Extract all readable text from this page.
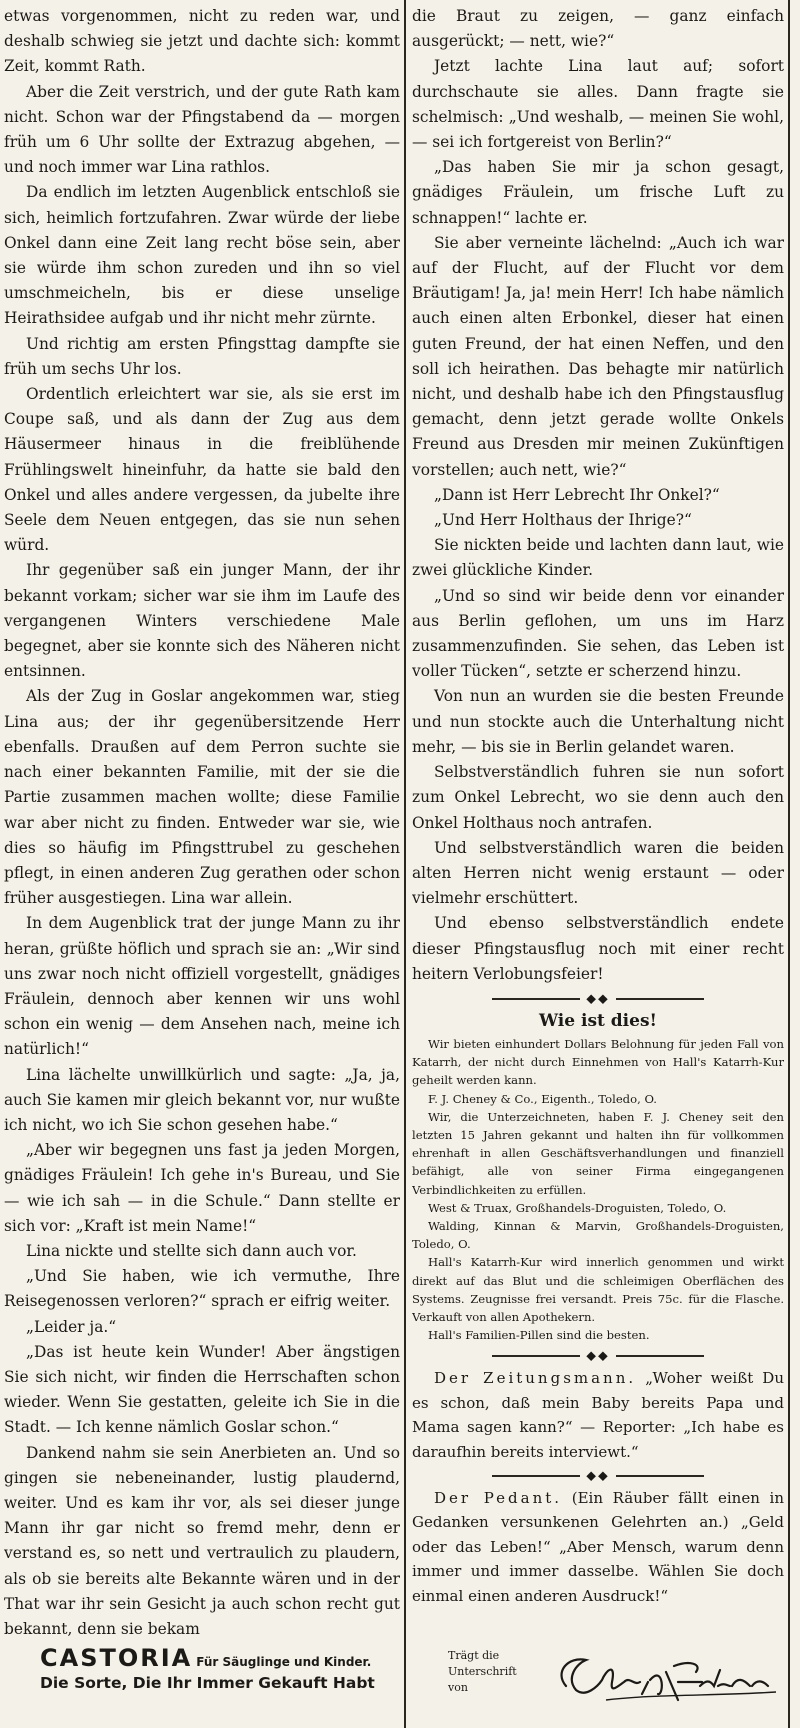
etwas vorgenommen, nicht zu reden war, und deshalb schwieg sie jetzt und dachte sich: kommt Zeit, kommt Rath.

Aber die Zeit verstrich, und der gute Rath kam nicht. Schon war der Pfingstabend da — morgen früh um 6 Uhr sollte der Extrazug abgehen, — und noch immer war Lina rathlos.

Da endlich im letzten Augenblick entschloß sie sich, heimlich fortzufahren. Zwar würde der liebe Onkel dann eine Zeit lang recht böse sein, aber sie würde ihm schon zureden und ihn so viel umschmeicheln, bis er diese unselige Heirathsidee aufgab und ihr nicht mehr zürnte.

Und richtig am ersten Pfingsttag dampfte sie früh um sechs Uhr los.

Ordentlich erleichtert war sie, als sie erst im Coupe saß, und als dann der Zug aus dem Häusermeer hinaus in die freiblühende Frühlingswelt hineinfuhr, da hatte sie bald den Onkel und alles andere vergessen, da jubelte ihre Seele dem Neuen entgegen, das sie nun sehen würd.

Ihr gegenüber saß ein junger Mann, der ihr bekannt vorkam; sicher war sie ihm im Laufe des vergangenen Winters verschiedene Male begegnet, aber sie konnte sich des Näheren nicht entsinnen.

Als der Zug in Goslar angekommen war, stieg Lina aus; der ihr gegenübersitzende Herr ebenfalls. Draußen auf dem Perron suchte sie nach einer bekannten Familie, mit der sie die Partie zusammen machen wollte; diese Familie war aber nicht zu finden. Entweder war sie, wie dies so häufig im Pfingsttrubel zu geschehen pflegt, in einen anderen Zug gerathen oder schon früher ausgestiegen. Lina war allein.

In dem Augenblick trat der junge Mann zu ihr heran, grüßte höflich und sprach sie an: „Wir sind uns zwar noch nicht offiziell vorgestellt, gnädiges Fräulein, dennoch aber kennen wir uns wohl schon ein wenig — dem Ansehen nach, meine ich natürlich!“

Lina lächelte unwillkürlich und sagte: „Ja, ja, auch Sie kamen mir gleich bekannt vor, nur wußte ich nicht, wo ich Sie schon gesehen habe.“

„Aber wir begegnen uns fast ja jeden Morgen, gnädiges Fräulein! Ich gehe in's Bureau, und Sie — wie ich sah — in die Schule.“ Dann stellte er sich vor: „Kraft ist mein Name!“

Lina nickte und stellte sich dann auch vor.

„Und Sie haben, wie ich vermuthe, Ihre Reisegenossen verloren?“ sprach er eifrig weiter.

„Leider ja.“

„Das ist heute kein Wunder! Aber ängstigen Sie sich nicht, wir finden die Herrschaften schon wieder. Wenn Sie gestatten, geleite ich Sie in die Stadt. — Ich kenne nämlich Goslar schon.“

Dankend nahm sie sein Anerbieten an. Und so gingen sie nebeneinander, lustig plaudernd, weiter. Und es kam ihr vor, als sei dieser junge Mann ihr gar nicht so fremd mehr, denn er verstand es, so nett und vertraulich zu plaudern, als ob sie bereits alte Bekannte wären und in der That war ihr sein Gesicht ja auch schon recht gut bekannt, denn sie bekam

die Braut zu zeigen, — ganz einfach ausgerückt; — nett, wie?“

Jetzt lachte Lina laut auf; sofort durchschaute sie alles. Dann fragte sie schelmisch: „Und weshalb, — meinen Sie wohl, — sei ich fortgereist von Berlin?“

„Das haben Sie mir ja schon gesagt, gnädiges Fräulein, um frische Luft zu schnappen!“ lachte er.

Sie aber verneinte lächelnd: „Auch ich war auf der Flucht, auf der Flucht vor dem Bräutigam! Ja, ja! mein Herr! Ich habe nämlich auch einen alten Erbonkel, dieser hat einen guten Freund, der hat einen Neffen, und den soll ich heirathen. Das behagte mir natürlich nicht, und deshalb habe ich den Pfingstausflug gemacht, denn jetzt gerade wollte Onkels Freund aus Dresden mir meinen Zukünftigen vorstellen; auch nett, wie?“

„Dann ist Herr Lebrecht Ihr Onkel?“

„Und Herr Holthaus der Ihrige?“

Sie nickten beide und lachten dann laut, wie zwei glückliche Kinder.

„Und so sind wir beide denn vor einander aus Berlin geflohen, um uns im Harz zusammenzufinden. Sie sehen, das Leben ist voller Tücken“, setzte er scherzend hinzu.

Von nun an wurden sie die besten Freunde und nun stockte auch die Unterhaltung nicht mehr, — bis sie in Berlin gelandet waren.

Selbstverständlich fuhren sie nun sofort zum Onkel Lebrecht, wo sie denn auch den Onkel Holthaus noch antrafen.

Und selbstverständlich waren die beiden alten Herren nicht wenig erstaunt — oder vielmehr erschüttert.

Und ebenso selbstverständlich endete dieser Pfingstausflug noch mit einer recht heitern Verlobungsfeier!

⬥⬥
Wie ist dies!

Wir bieten einhundert Dollars Belohnung für jeden Fall von Katarrh, der nicht durch Einnehmen von Hall's Katarrh-Kur geheilt werden kann.

F. J. Cheney & Co., Eigenth., Toledo, O.

Wir, die Unterzeichneten, haben F. J. Cheney seit den letzten 15 Jahren gekannt und halten ihn für vollkommen ehrenhaft in allen Geschäftsverhandlungen und finanziell befähigt, alle von seiner Firma eingegangenen Verbindlichkeiten zu erfüllen.

West & Truax, Großhandels-Droguisten, Toledo, O.

Walding, Kinnan & Marvin, Großhandels-Droguisten, Toledo, O.

Hall's Katarrh-Kur wird innerlich genommen und wirkt direkt auf das Blut und die schleimigen Oberflächen des Systems. Zeugnisse frei versandt. Preis 75c. für die Flasche. Verkauft von allen Apothekern.

Hall's Familien-Pillen sind die besten.

⬥⬥

Der Zeitungsmann. „Woher weißt Du es schon, daß mein Baby bereits Papa und Mama sagen kann?“ — Reporter: „Ich habe es daraufhin bereits interviewt.“

⬥⬥

Der Pedant. (Ein Räuber fällt einen in Gedanken versunkenen Gelehrten an.) „Geld oder das Leben!“ „Aber Mensch, warum denn immer und immer dasselbe. Wählen Sie doch einmal einen anderen Ausdruck!“

CASTORIA Für Säuglinge und Kinder.
Die Sorte, Die Ihr Immer Gekauft Habt
Trägt die
Unterschrift
von
